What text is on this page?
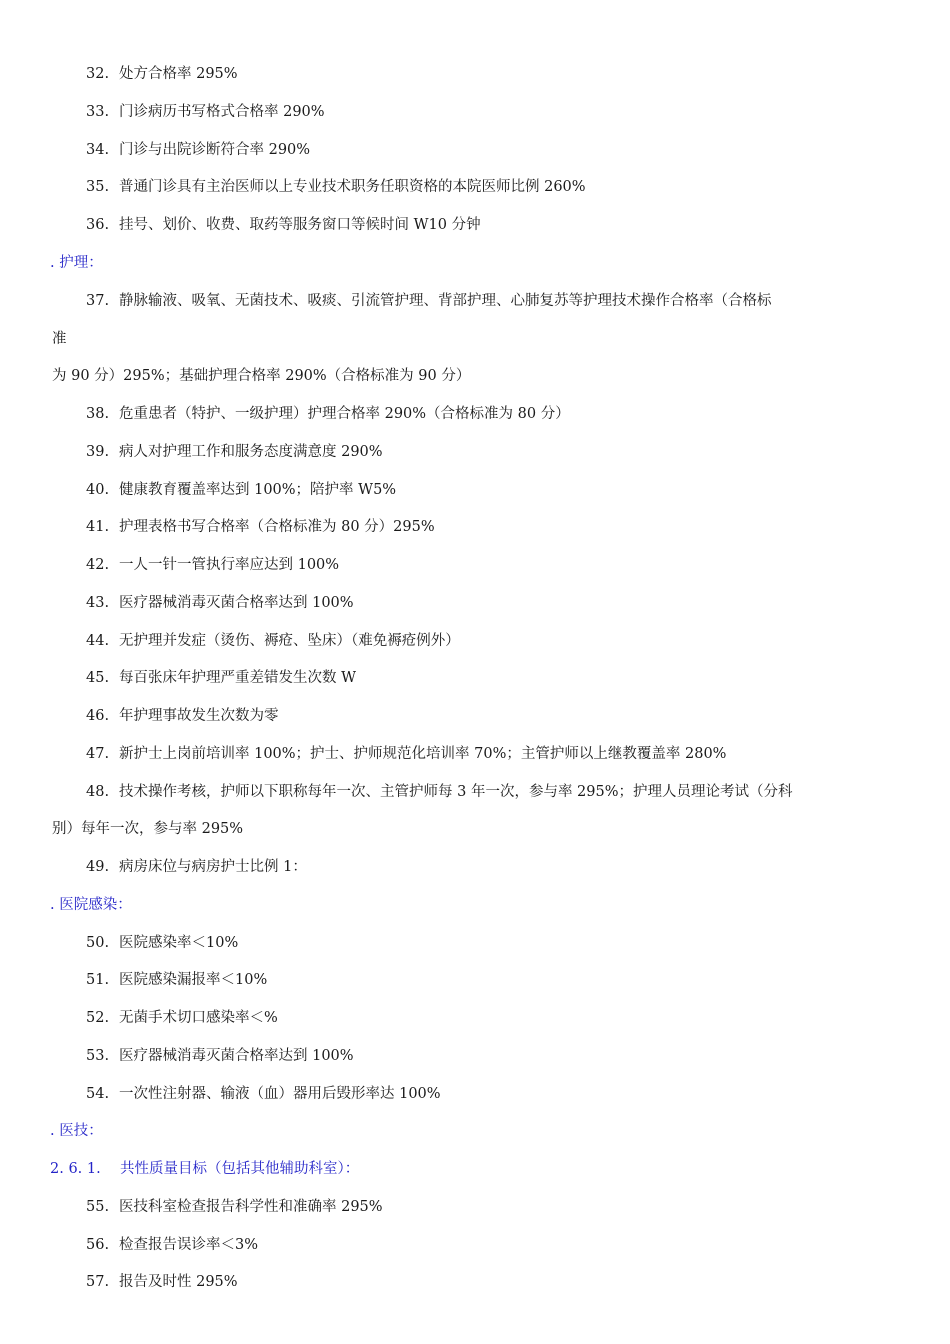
32. 处方合格率 295%
33. 门诊病历书写格式合格率 290%
34. 门诊与出院诊断符合率 290%
35. 普通门诊具有主治医师以上专业技术职务任职资格的本院医师比例 260%
36. 挂号、划价、收费、取药等服务窗口等候时间 W10 分钟
. 护理：
37. 静脉输液、吸氧、无菌技术、吸痰、引流管护理、背部护理、心肺复苏等护理技术操作合格率（合格标
准
为 90 分）295%；基础护理合格率 290%（合格标准为 90 分）
38. 危重患者（特护、一级护理）护理合格率 290%（合格标准为 80 分）
39. 病人对护理工作和服务态度满意度 290%
40. 健康教育覆盖率达到 100%；陪护率 W5%
41. 护理表格书写合格率（合格标准为 80 分）295%
42. 一人一针一管执行率应达到 100%
43. 医疗器械消毒灭菌合格率达到 100%
44. 无护理并发症（烫伤、褥疮、坠床）（难免褥疮例外）
45. 每百张床年护理严重差错发生次数 W
46. 年护理事故发生次数为零
47. 新护士上岗前培训率 100%；护士、护师规范化培训率 70%；主管护师以上继教覆盖率 280%
48. 技术操作考核，护师以下职称每年一次、主管护师每 3 年一次，参与率 295%；护理人员理论考试（分科
别）每年一次，参与率 295%
49. 病房床位与病房护士比例 1：
. 医院感染：
50. 医院感染率＜10%
51. 医院感染漏报率＜10%
52. 无菌手术切口感染率＜%
53. 医疗器械消毒灭菌合格率达到 100%
54. 一次性注射器、输液（血）器用后毁形率达 100%
. 医技：
2. 6. 1. 共性质量目标（包括其他辅助科室）：
55. 医技科室检查报告科学性和准确率 295%
56. 检查报告误诊率＜3%
57. 报告及时性 295%
